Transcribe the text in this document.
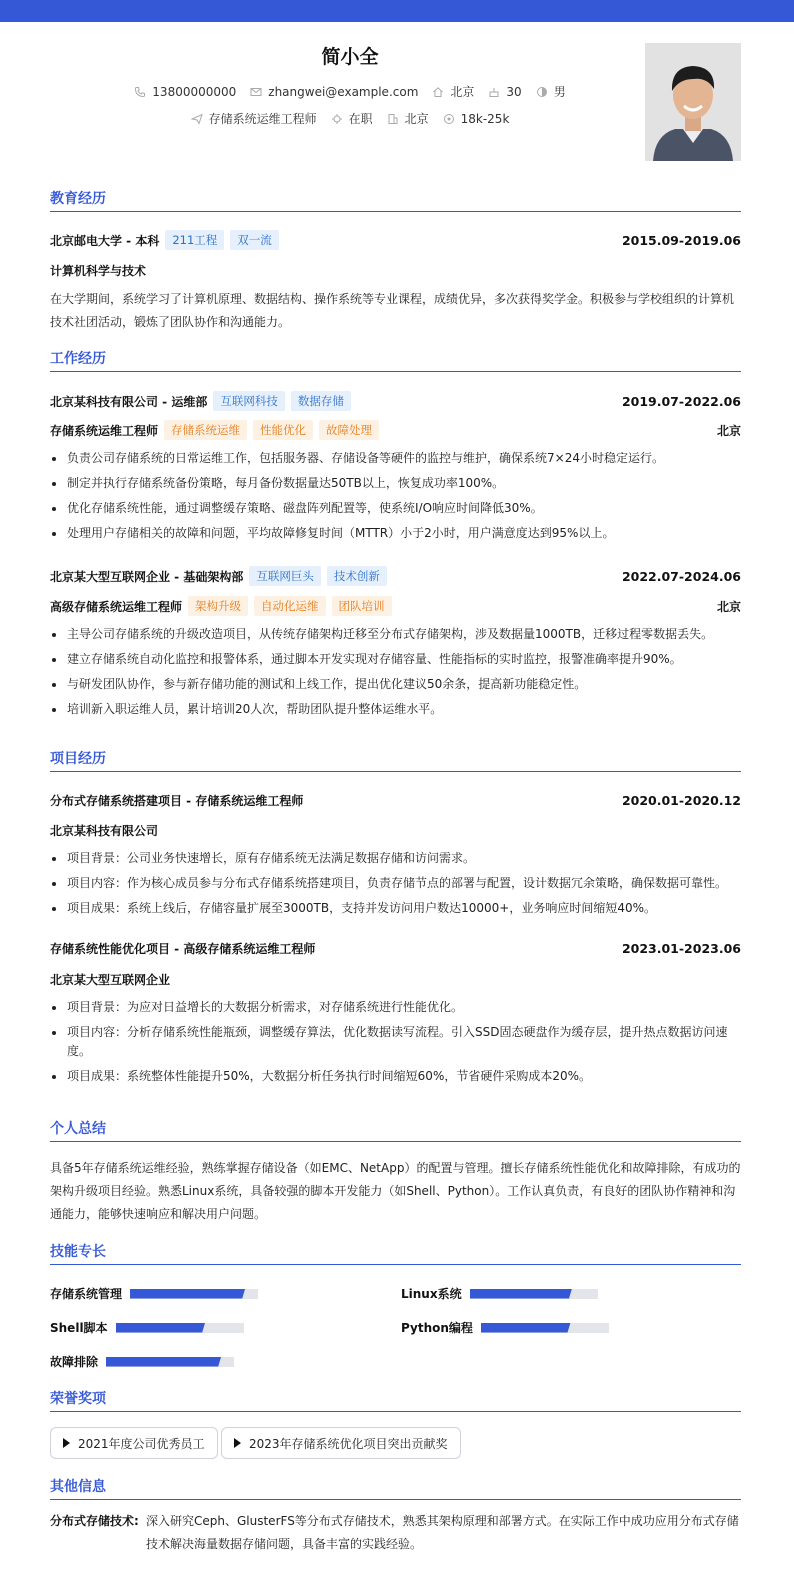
简小全
13800000000	zhangwei@example.com	北京	30	男
存储系统运维工程师	在职	北京	18k-25k
教育经历
北京邮电大学 - 本科	211工程	双一流	2015.09-2019.06
计算机科学与技术
在大学期间，系统学习了计算机原理、数据结构、操作系统等专业课程，成绩优异，多次获得奖学金。积极参与学校组织的计算机技术社团活动，锻炼了团队协作和沟通能力。
工作经历
北京某科技有限公司 - 运维部	互联网科技	数据存储	2019.07-2022.06
存储系统运维工程师	存储系统运维	性能优化	故障处理	北京
负责公司存储系统的日常运维工作，包括服务器、存储设备等硬件的监控与维护，确保系统7×24小时稳定运行。
制定并执行存储系统备份策略，每月备份数据量达50TB以上，恢复成功率100%。
优化存储系统性能，通过调整缓存策略、磁盘阵列配置等，使系统I/O响应时间降低30%。
处理用户存储相关的故障和问题，平均故障修复时间（MTTR）小于2小时，用户满意度达到95%以上。
北京某大型互联网企业 - 基础架构部	互联网巨头	技术创新	2022.07-2024.06
高级存储系统运维工程师	架构升级	自动化运维	团队培训	北京
主导公司存储系统的升级改造项目，从传统存储架构迁移至分布式存储架构，涉及数据量1000TB，迁移过程零数据丢失。
建立存储系统自动化监控和报警体系，通过脚本开发实现对存储容量、性能指标的实时监控，报警准确率提升90%。
与研发团队协作，参与新存储功能的测试和上线工作，提出优化建议50余条，提高新功能稳定性。
培训新入职运维人员，累计培训20人次，帮助团队提升整体运维水平。
项目经历
分布式存储系统搭建项目 - 存储系统运维工程师	2020.01-2020.12
北京某科技有限公司
项目背景：公司业务快速增长，原有存储系统无法满足数据存储和访问需求。
项目内容：作为核心成员参与分布式存储系统搭建项目，负责存储节点的部署与配置，设计数据冗余策略，确保数据可靠性。
项目成果：系统上线后，存储容量扩展至3000TB，支持并发访问用户数达10000+，业务响应时间缩短40%。
存储系统性能优化项目 - 高级存储系统运维工程师	2023.01-2023.06
北京某大型互联网企业
项目背景：为应对日益增长的大数据分析需求，对存储系统进行性能优化。
项目内容：分析存储系统性能瓶颈，调整缓存算法，优化数据读写流程。引入SSD固态硬盘作为缓存层，提升热点数据访问速度。
项目成果：系统整体性能提升50%，大数据分析任务执行时间缩短60%，节省硬件采购成本20%。
个人总结
具备5年存储系统运维经验，熟练掌握存储设备（如EMC、NetApp）的配置与管理。擅长存储系统性能优化和故障排除，有成功的架构升级项目经验。熟悉Linux系统，具备较强的脚本开发能力（如Shell、Python）。工作认真负责，有良好的团队协作精神和沟通能力，能够快速响应和解决用户问题。
技能专长
存储系统管理	Linux系统
Shell脚本	Python编程
故障排除
荣誉奖项
2021年度公司优秀员工	2023年存储系统优化项目突出贡献奖
其他信息
分布式存储技术: 深入研究Ceph、GlusterFS等分布式存储技术，熟悉其架构原理和部署方式。在实际工作中成功应用分布式存储技术解决海量数据存储问题，具备丰富的实践经验。
